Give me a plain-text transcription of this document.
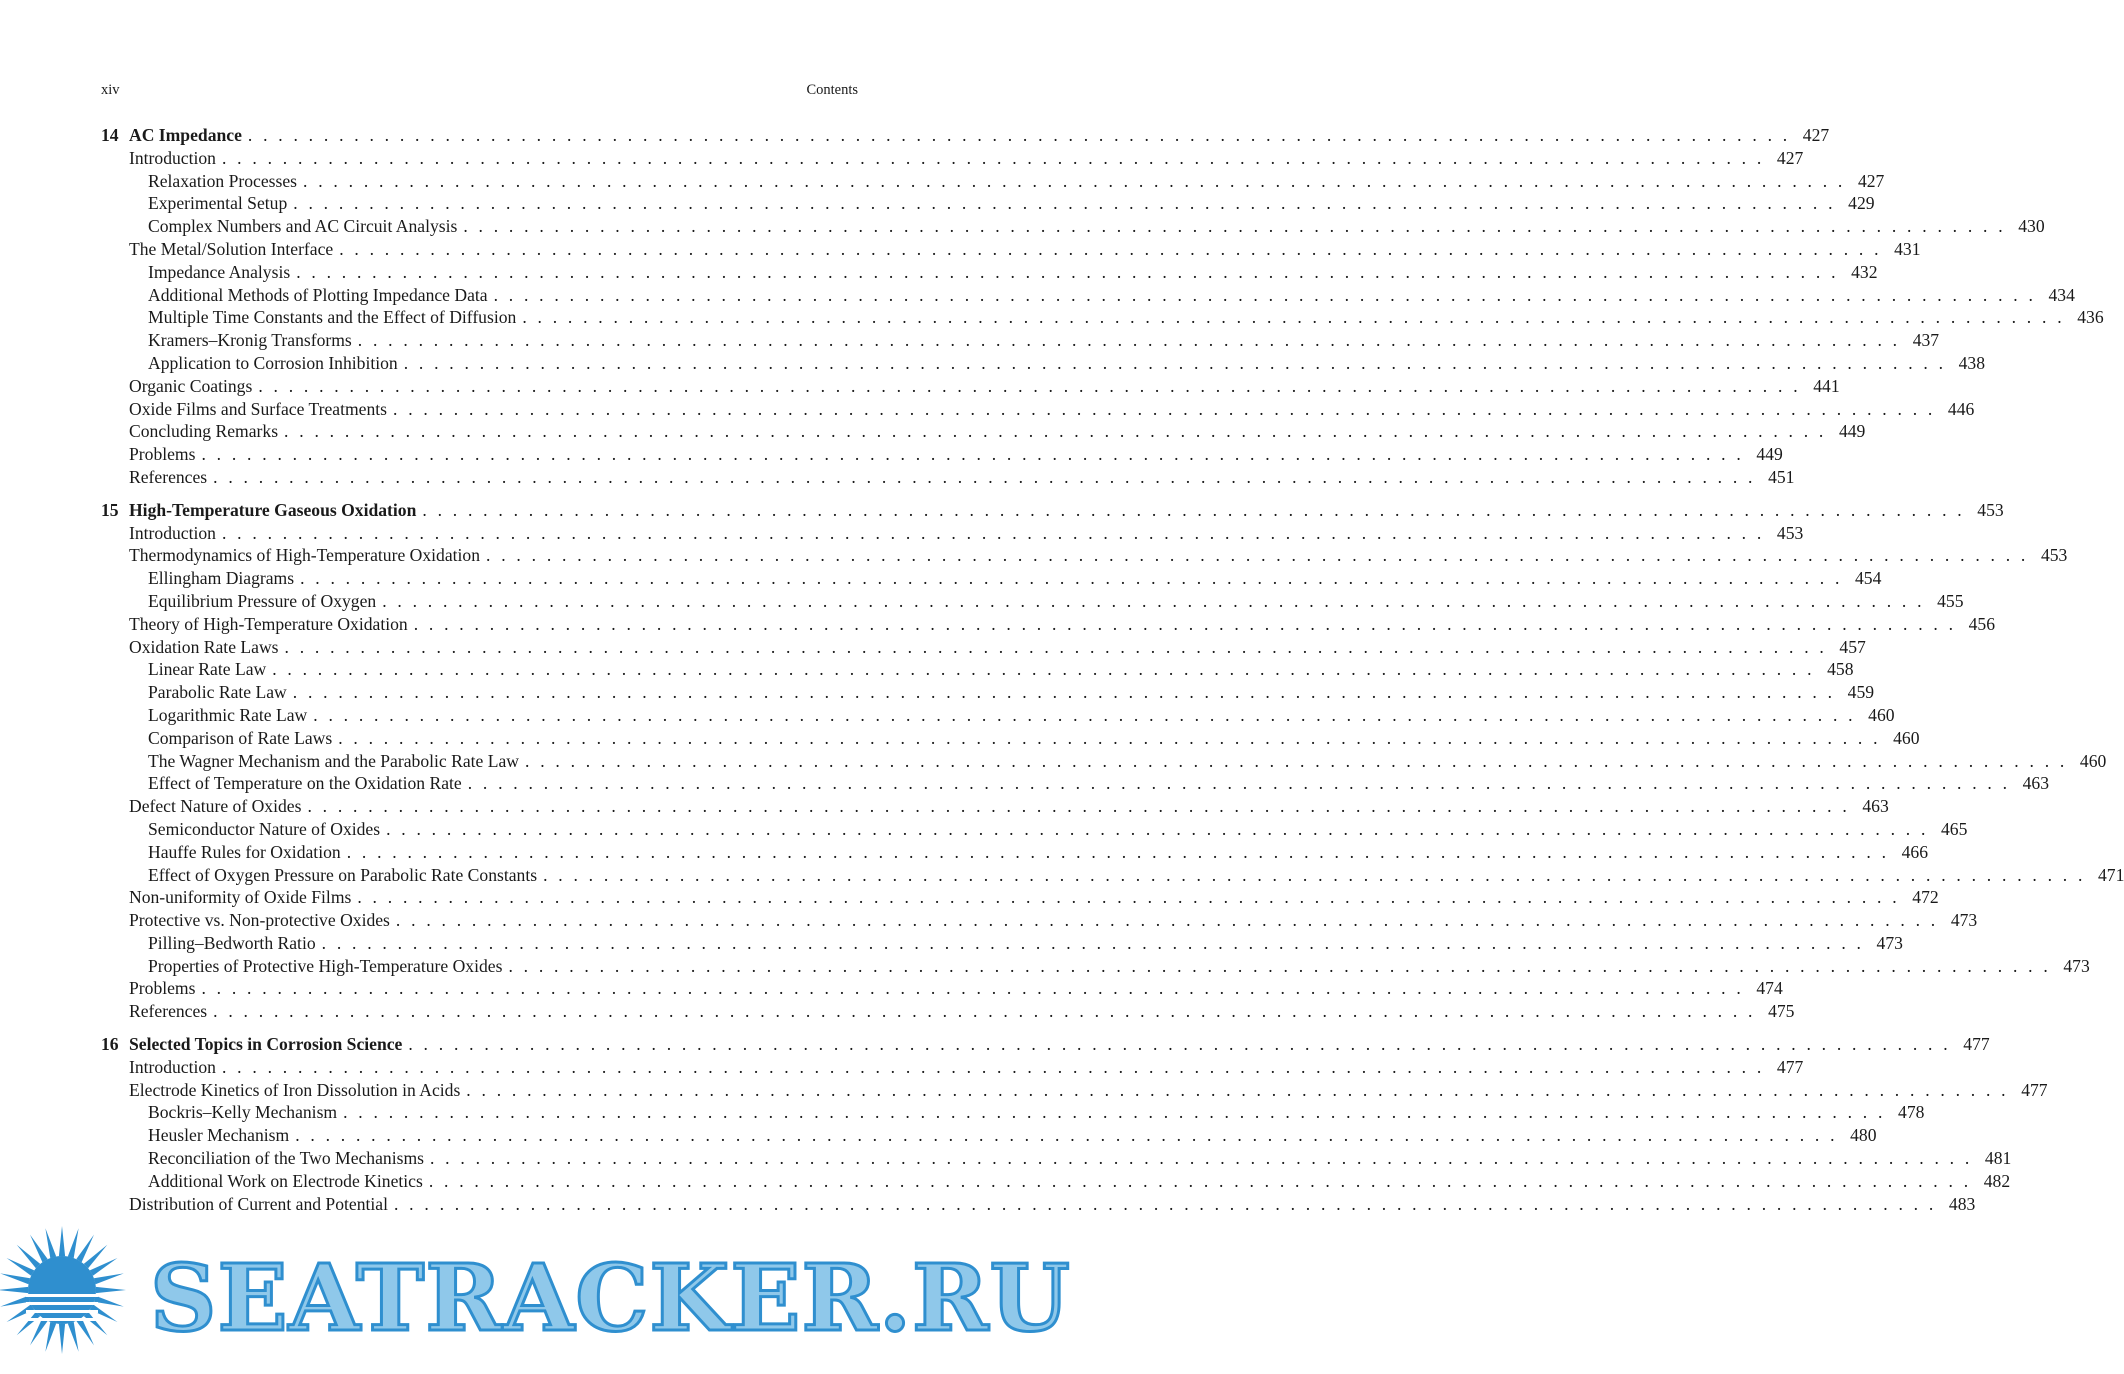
xiv	Contents
14 AC Impedance . . .	427
Introduction . . .	427
Relaxation Processes . . .	427
Experimental Setup . . .	429
Complex Numbers and AC Circuit Analysis . . .	430
The Metal/Solution Interface . . .	431
Impedance Analysis . . .	432
Additional Methods of Plotting Impedance Data . . .	434
Multiple Time Constants and the Effect of Diffusion . . .	436
Kramers–Kronig Transforms . . .	437
Application to Corrosion Inhibition . . .	438
Organic Coatings . . .	441
Oxide Films and Surface Treatments . . .	446
Concluding Remarks . . .	449
Problems . . .	449
References . . .	451
15 High-Temperature Gaseous Oxidation . . .	453
Introduction . . .	453
Thermodynamics of High-Temperature Oxidation . . .	453
Ellingham Diagrams . . .	454
Equilibrium Pressure of Oxygen . . .	455
Theory of High-Temperature Oxidation . . .	456
Oxidation Rate Laws . . .	457
Linear Rate Law . . .	458
Parabolic Rate Law . . .	459
Logarithmic Rate Law . . .	460
Comparison of Rate Laws . . .	460
The Wagner Mechanism and the Parabolic Rate Law . . .	460
Effect of Temperature on the Oxidation Rate . . .	463
Defect Nature of Oxides . . .	463
Semiconductor Nature of Oxides . . .	465
Hauffe Rules for Oxidation . . .	466
Effect of Oxygen Pressure on Parabolic Rate Constants . . .	471
Non-uniformity of Oxide Films . . .	472
Protective vs. Non-protective Oxides . . .	473
Pilling–Bedworth Ratio . . .	473
Properties of Protective High-Temperature Oxides . . .	473
Problems . . .	474
References . . .	475
16 Selected Topics in Corrosion Science . . .	477
Introduction . . .	477
Electrode Kinetics of Iron Dissolution in Acids . . .	477
Bockris–Kelly Mechanism . . .	478
Heusler Mechanism . . .	480
Reconciliation of the Two Mechanisms . . .	481
Additional Work on Electrode Kinetics . . .	482
Distribution of Current and Potential . . .	483
SEATRACKER.RU
